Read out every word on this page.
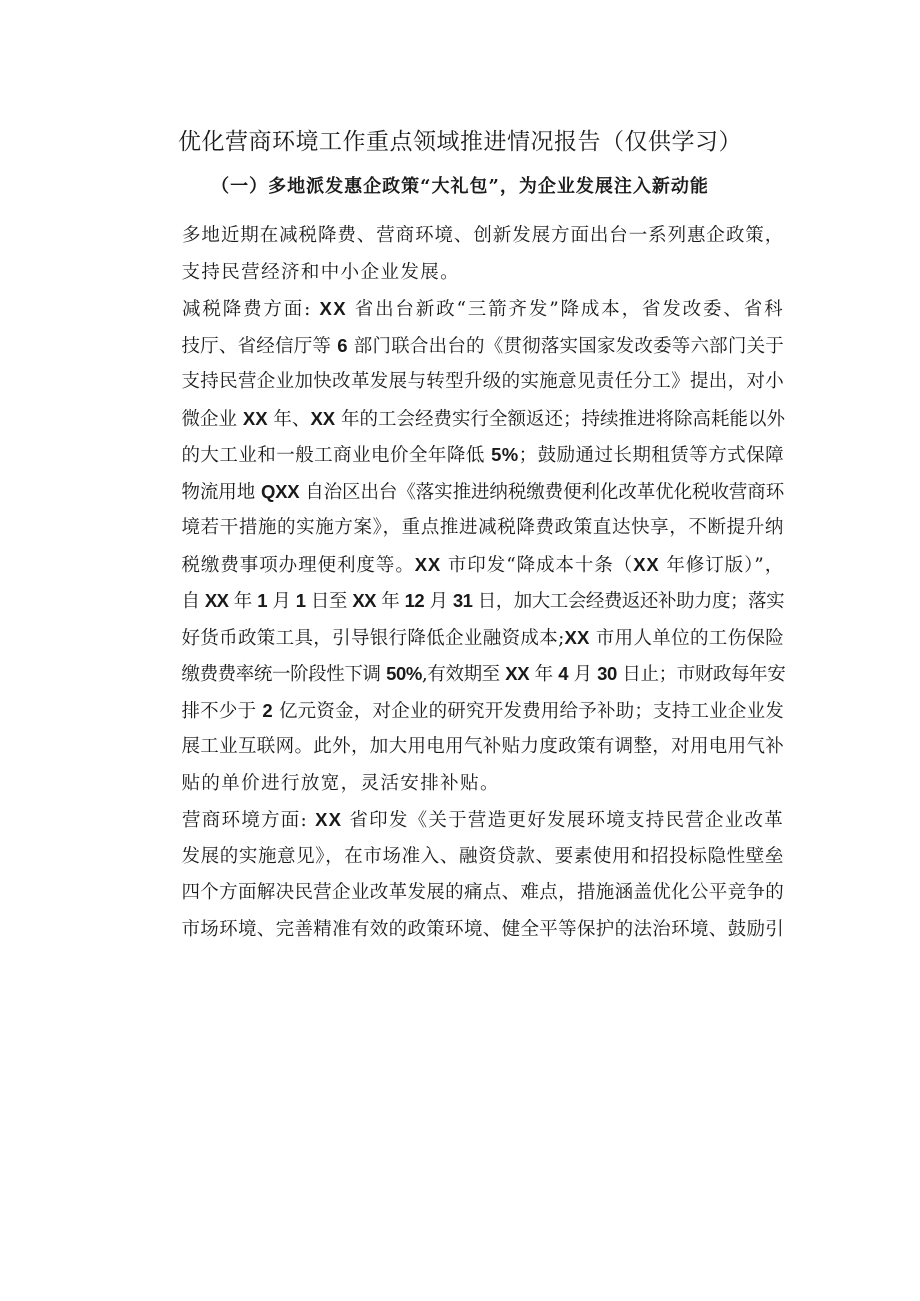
优化营商环境工作重点领域推进情况报告（仅供学习）
（一）多地派发惠企政策“大礼包”，为企业发展注入新动能
多地近期在减税降费、营商环境、创新发展方面出台一系列惠企政策，
支持民营经济和中小企业发展。
减税降费方面: XX 省出台新政“三箭齐发”降成本，省发改委、省科
技厅、省经信厅等 6 部门联合出台的《贯彻落实国家发改委等六部门关于
支持民营企业加快改革发展与转型升级的实施意见责任分工》提出，对小
微企业 XX 年、XX 年的工会经费实行全额返还；持续推进将除高耗能以外
的大工业和一般工商业电价全年降低 5%；鼓励通过长期租赁等方式保障
物流用地 QXX 自治区出台《落实推进纳税缴费便利化改革优化税收营商环
境若干措施的实施方案》，重点推进减税降费政策直达快享，不断提升纳
税缴费事项办理便利度等。XX 市印发“降成本十条（XX 年修订版）”，
自 XX 年 1 月 1 日至 XX 年 12 月 31 日，加大工会经费返还补助力度；落实
好货币政策工具，引导银行降低企业融资成本;XX 市用人单位的工伤保险
缴费费率统一阶段性下调 50%,有效期至 XX 年 4 月 30 日止；市财政每年安
排不少于 2 亿元资金，对企业的研究开发费用给予补助；支持工业企业发
展工业互联网。此外，加大用电用气补贴力度政策有调整，对用电用气补
贴的单价进行放宽，灵活安排补贴。
营商环境方面: XX 省印发《关于营造更好发展环境支持民营企业改革
发展的实施意见》，在市场准入、融资贷款、要素使用和招投标隐性壁垒
四个方面解决民营企业改革发展的痛点、难点，措施涵盖优化公平竞争的
市场环境、完善精准有效的政策环境、健全平等保护的法治环境、鼓励引
